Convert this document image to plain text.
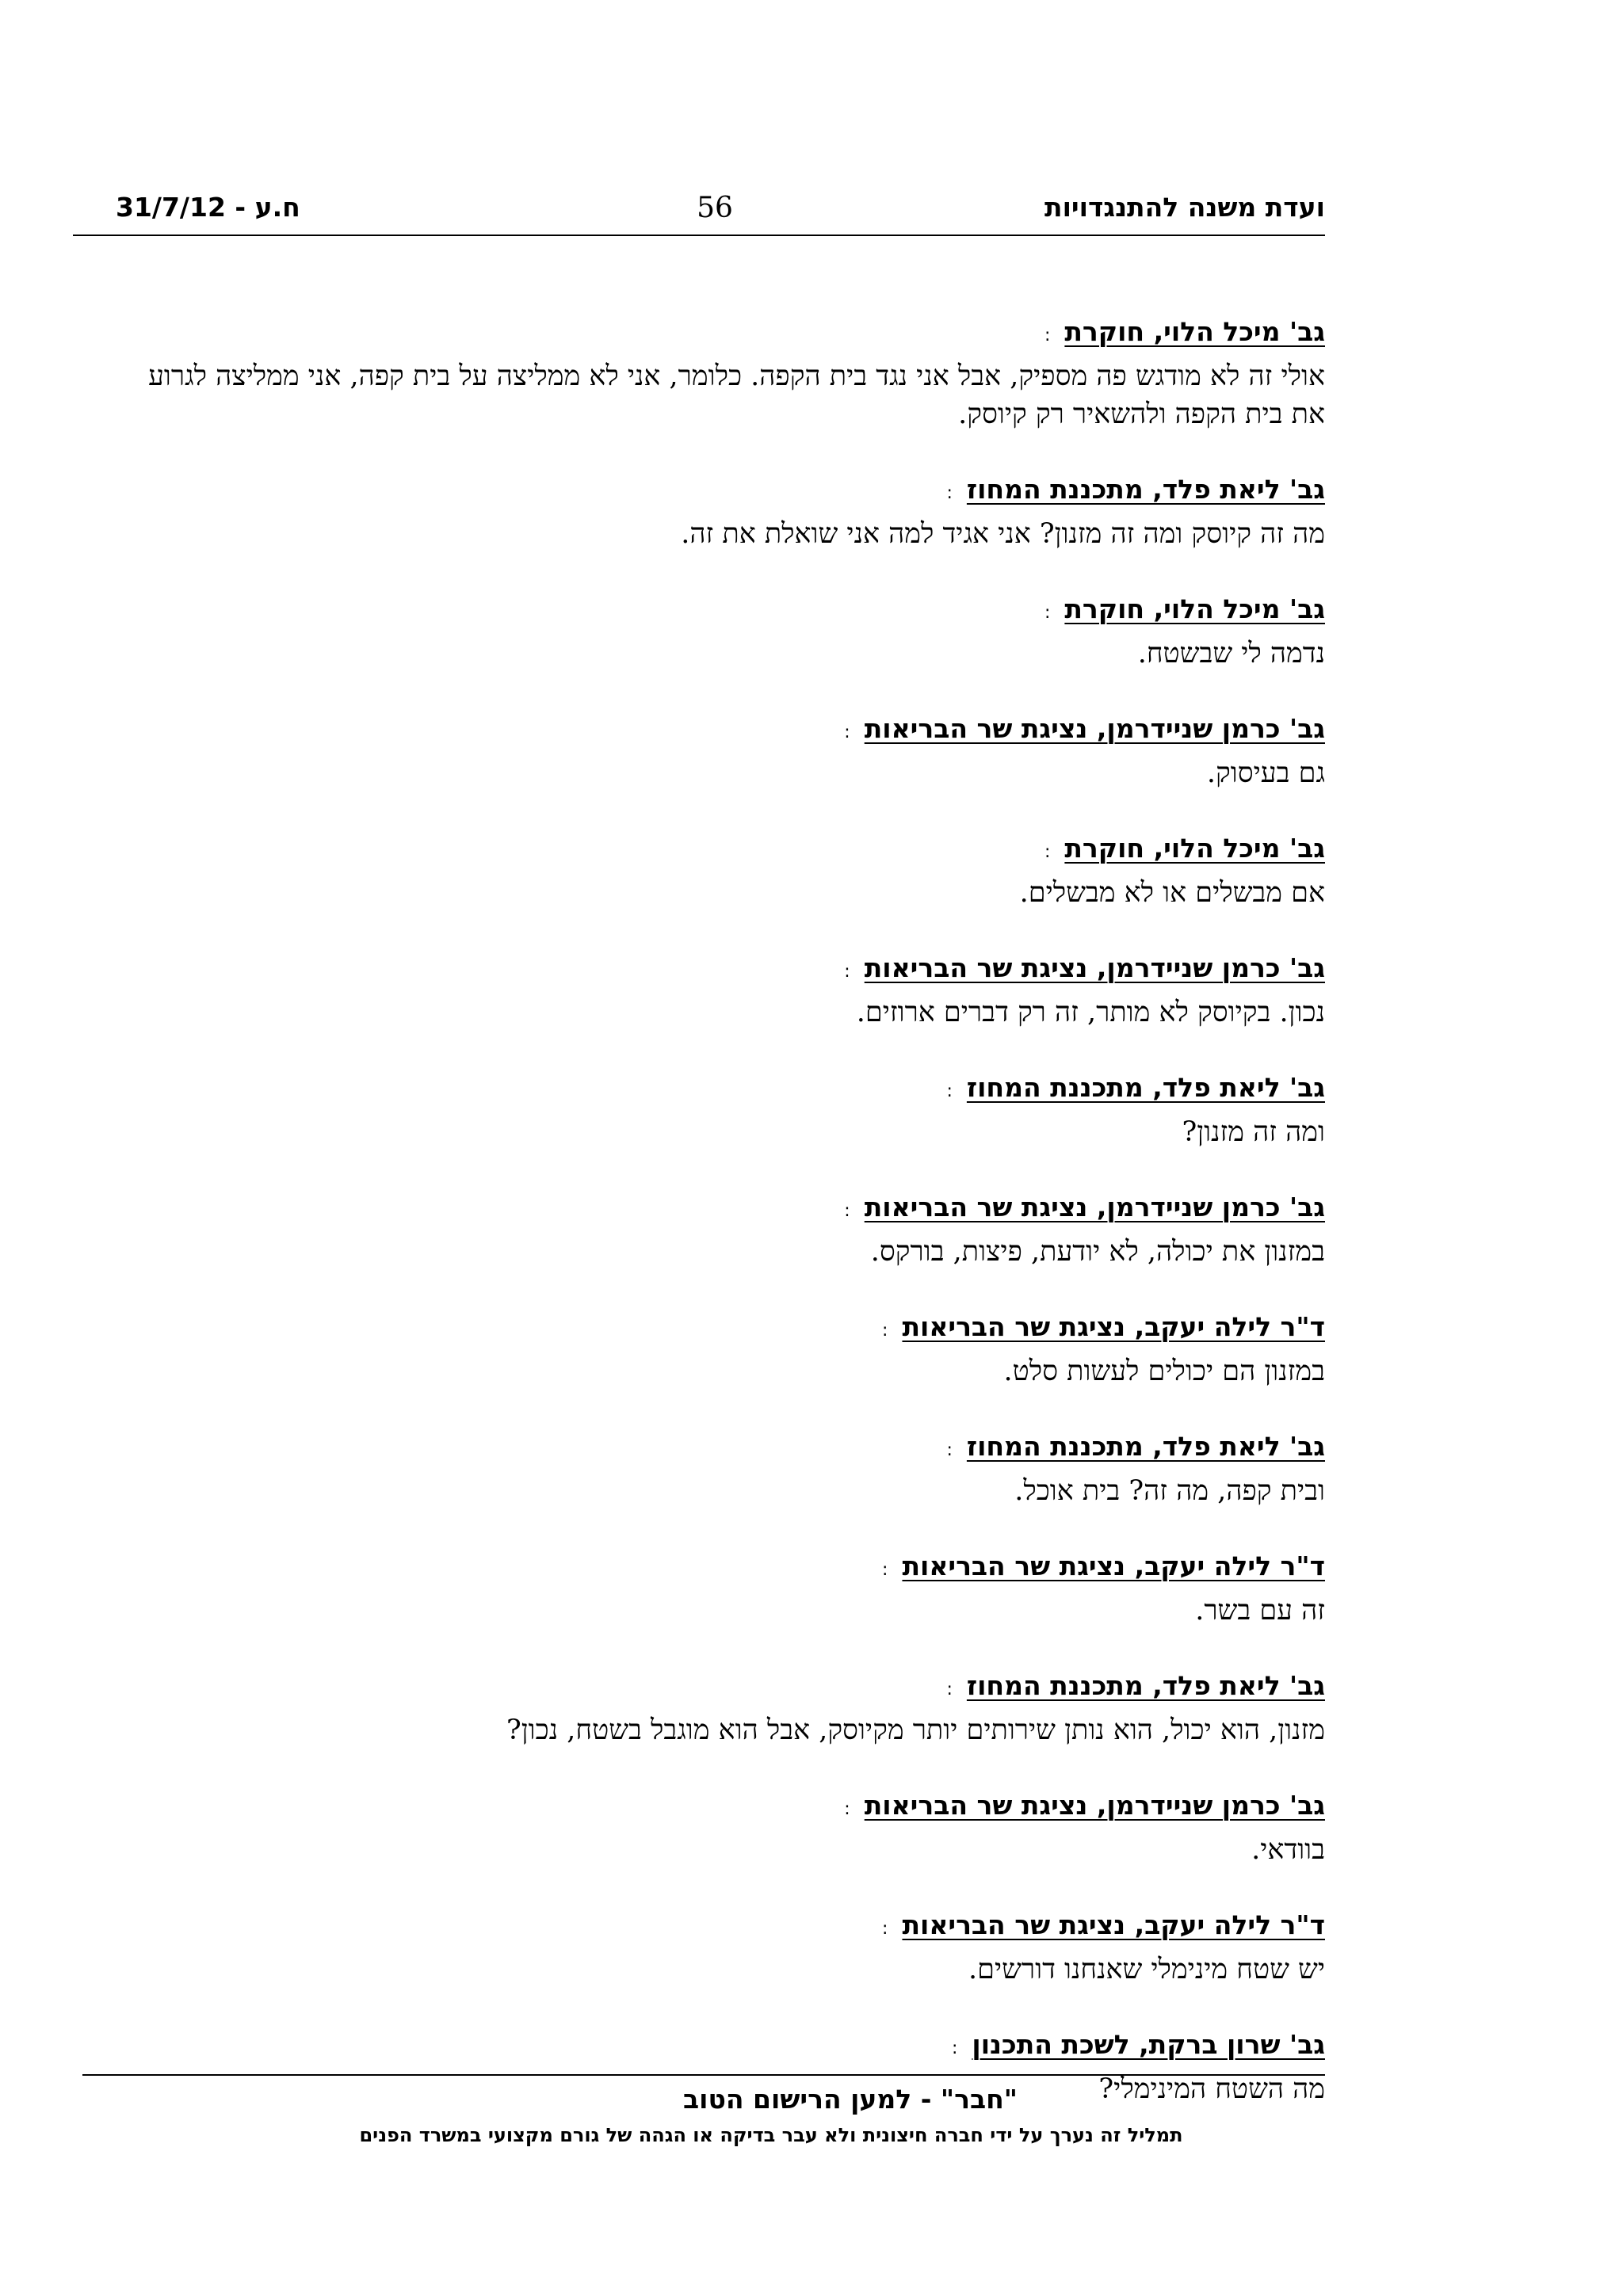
ועדת משנה להתנגדויות
56
31/7/12 - ח.ע
גב' מיכל הלוי, חוקרת:
אולי זה לא מודגש פה מספיק, אבל אני נגד בית הקפה. כלומר, אני לא ממליצה על בית קפה, אני ממליצה לגרוע את בית הקפה ולהשאיר רק קיוסק.
גב' ליאת פלד, מתכננת המחוז:
מה זה קיוסק ומה זה מזנון? אני אגיד למה אני שואלת את זה.
גב' מיכל הלוי, חוקרת:
נדמה לי שבשטח.
גב' כרמן שניידרמן, נציגת שר הבריאות:
גם בעיסוק.
גב' מיכל הלוי, חוקרת:
אם מבשלים או לא מבשלים.
גב' כרמן שניידרמן, נציגת שר הבריאות:
נכון. בקיוסק לא מותר, זה רק דברים ארוזים.
גב' ליאת פלד, מתכננת המחוז:
ומה זה מזנון?
גב' כרמן שניידרמן, נציגת שר הבריאות:
במזנון את יכולה, לא יודעת, פיצות, בורקס.
ד"ר לילה יעקב, נציגת שר הבריאות:
במזנון הם יכולים לעשות סלט.
גב' ליאת פלד, מתכננת המחוז:
ובית קפה, מה זה? בית אוכל.
ד"ר לילה יעקב, נציגת שר הבריאות:
זה עם בשר.
גב' ליאת פלד, מתכננת המחוז:
מזנון, הוא יכול, הוא נותן שירותים יותר מקיוסק, אבל הוא מוגבל בשטח, נכון?
גב' כרמן שניידרמן, נציגת שר הבריאות:
בוודאי.
ד"ר לילה יעקב, נציגת שר הבריאות:
יש שטח מינימלי שאנחנו דורשים.
גב' שרון ברקת, לשכת התכנון:
מה השטח המינימלי?
"חבר" - למען הרישום הטוב
תמליל זה נערך על ידי חברה חיצונית ולא עבר בדיקה או הגהה של גורם מקצועי במשרד הפנים
